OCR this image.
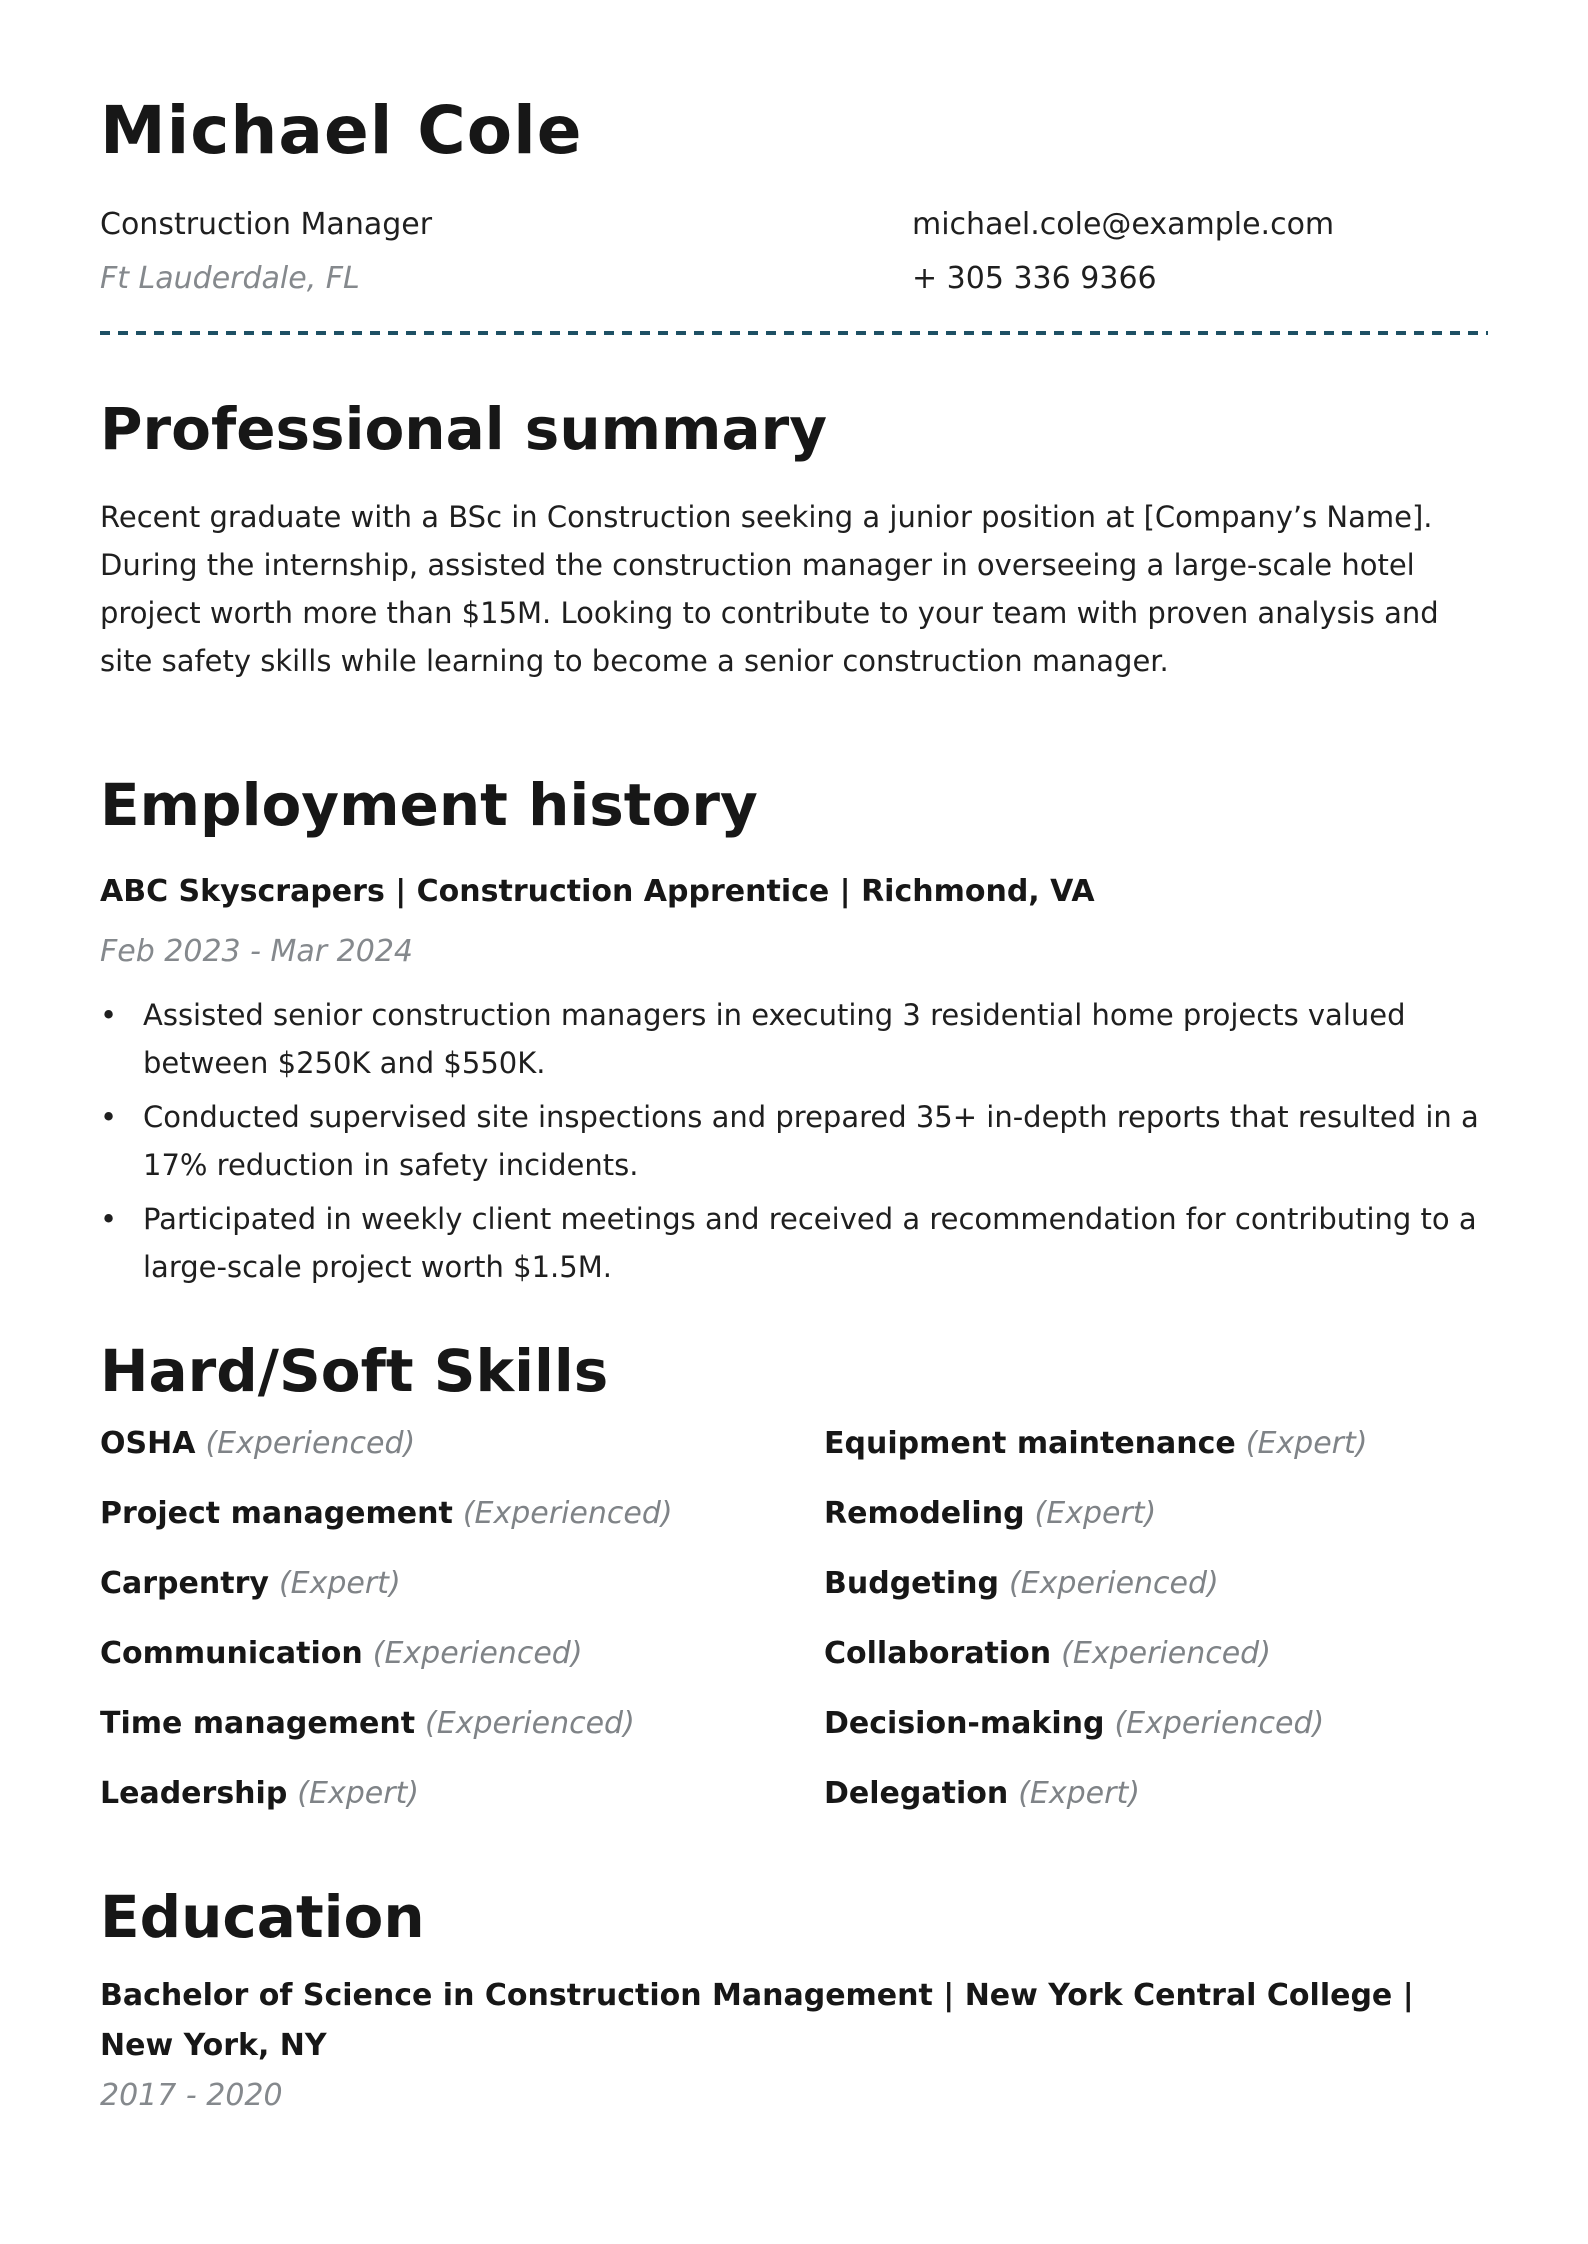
Michael Cole
Construction Manager	michael.cole@example.com
Ft Lauderdale, FL	+ 305 336 9366
Professional summary
Recent graduate with a BSc in Construction seeking a junior position at [Company’s Name]. During the internship, assisted the construction manager in overseeing a large-scale hotel project worth more than $15M. Looking to contribute to your team with proven analysis and site safety skills while learning to become a senior construction manager.
Employment history
ABC Skyscrapers | Construction Apprentice | Richmond, VA
Feb 2023 - Mar 2024
• Assisted senior construction managers in executing 3 residential home projects valued between $250K and $550K.
• Conducted supervised site inspections and prepared 35+ in-depth reports that resulted in a 17% reduction in safety incidents.
• Participated in weekly client meetings and received a recommendation for contributing to a large-scale project worth $1.5M.
Hard/Soft Skills
OSHA (Experienced)	Equipment maintenance (Expert)
Project management (Experienced)	Remodeling (Expert)
Carpentry (Expert)	Budgeting (Experienced)
Communication (Experienced)	Collaboration (Experienced)
Time management (Experienced)	Decision-making (Experienced)
Leadership (Expert)	Delegation (Expert)
Education
Bachelor of Science in Construction Management | New York Central College | New York, NY
2017 - 2020
